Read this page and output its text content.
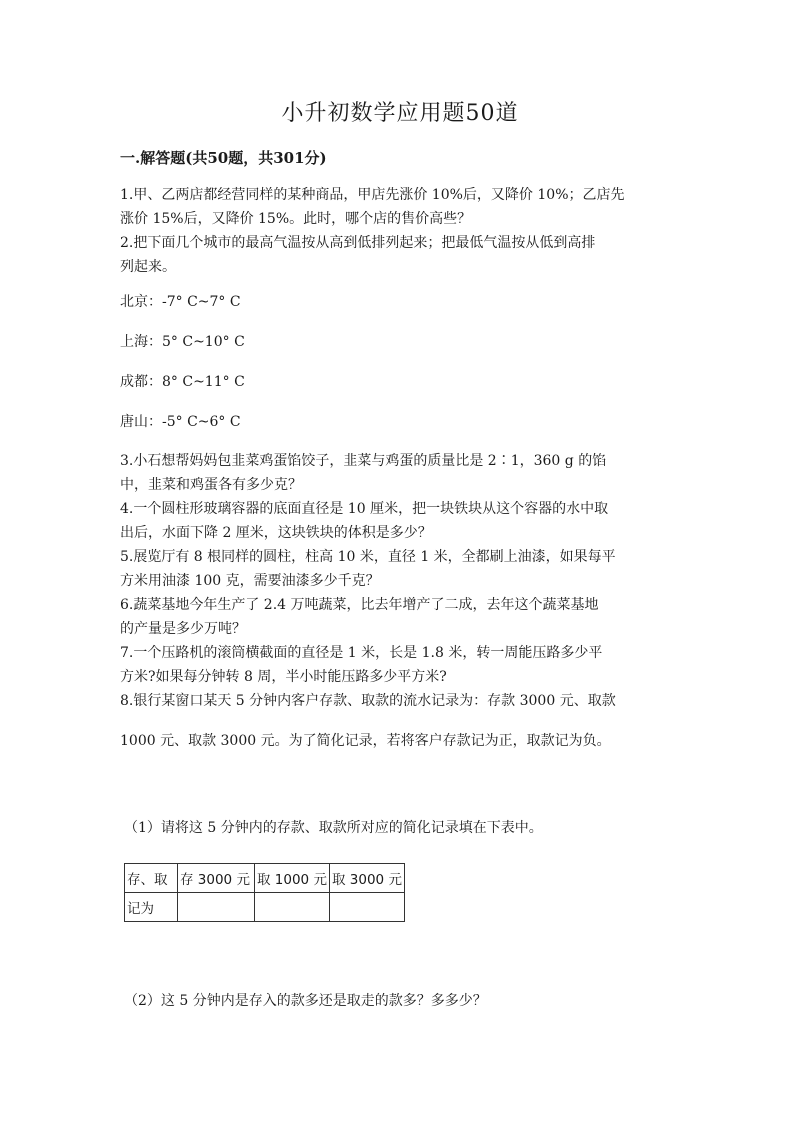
小升初数学应用题50道
一.解答题(共50题，共301分)
1.甲、乙两店都经营同样的某种商品，甲店先涨价 10%后，又降价 10%；乙店先
涨价 15%后，又降价 15%。此时，哪个店的售价高些？
2.把下面几个城市的最高气温按从高到低排列起来；把最低气温按从低到高排
列起来。
北京：-7° C~7° C
上海：5° C~10° C
成都：8° C~11° C
唐山：-5° C~6° C
3.小石想帮妈妈包韭菜鸡蛋馅饺子，韭菜与鸡蛋的质量比是 2∶1，360 g 的馅
中，韭菜和鸡蛋各有多少克？
4.一个圆柱形玻璃容器的底面直径是 10 厘米，把一块铁块从这个容器的水中取
出后，水面下降 2 厘米，这块铁块的体积是多少？
5.展览厅有 8 根同样的圆柱，柱高 10 米，直径 1 米，全都刷上油漆，如果每平
方米用油漆 100 克，需要油漆多少千克？
6.蔬菜基地今年生产了 2.4 万吨蔬菜，比去年增产了二成，去年这个蔬菜基地
的产量是多少万吨？
7.一个压路机的滚筒横截面的直径是 1 米，长是 1.8 米，转一周能压路多少平
方米?如果每分钟转 8 周，半小时能压路多少平方米?
8.银行某窗口某天 5 分钟内客户存款、取款的流水记录为：存款 3000 元、取款
1000 元、取款 3000 元。为了简化记录，若将客户存款记为正，取款记为负。
（1）请将这 5 分钟内的存款、取款所对应的简化记录填在下表中。
存、取	存 3000 元	取 1000 元	取 3000 元
记为			
（2）这 5 分钟内是存入的款多还是取走的款多？多多少？
